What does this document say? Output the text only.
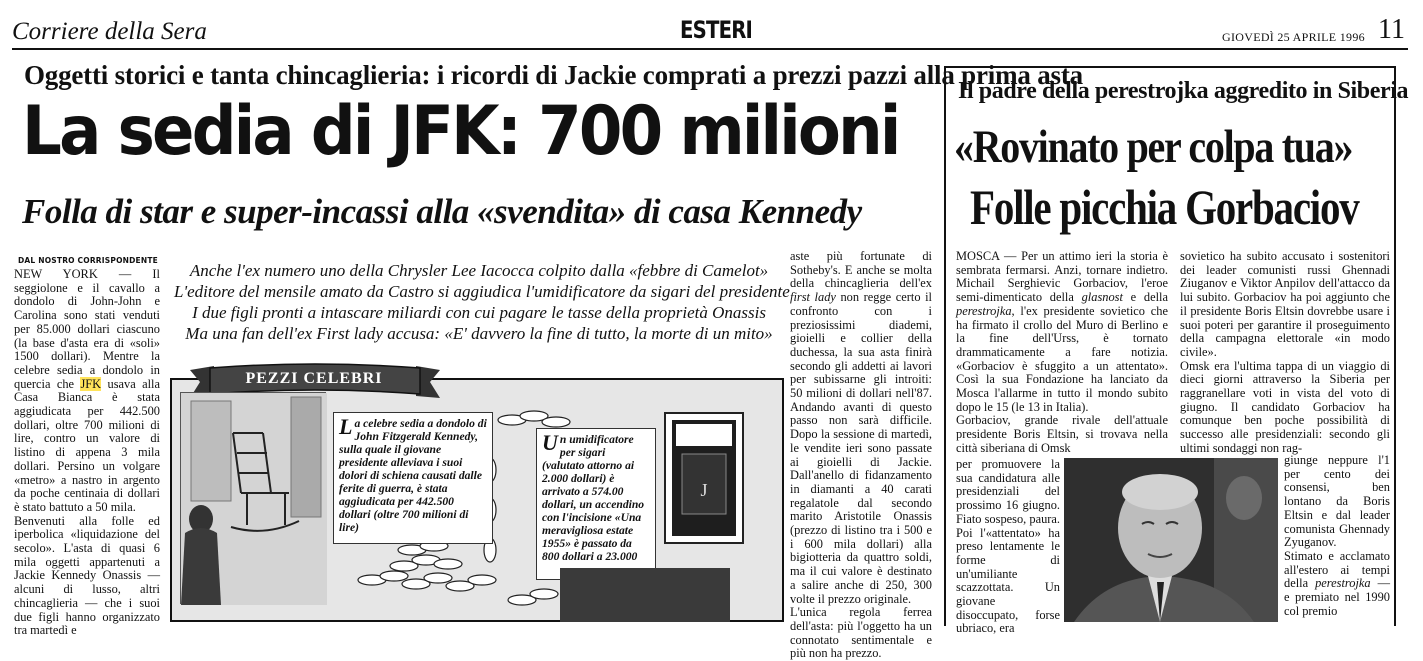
Corriere della Sera	ESTERI	GIOVEDÌ 25 APRILE 1996 11
Oggetti storici e tanta chincaglieria: i ricordi di Jackie comprati a prezzi pazzi alla prima asta
La sedia di JFK: 700 milioni
Folla di star e super-incassi alla «svendita» di casa Kennedy
DAL NOSTRO CORRISPONDENTE

NEW YORK — Il seggiolone e il cavallo a dondolo di John-John e Carolina sono stati venduti per 85.000 dollari ciascuno (la base d'asta era di «soli» 1500 dollari). Mentre la celebre sedia a dondolo in quercia che JFK usava alla Casa Bianca è stata aggiudicata per 442.500 dollari, oltre 700 milioni di lire, contro un valore di listino di appena 3 mila dollari. Persino un volgare «metro» a nastro in argento da poche centinaia di dollari è stato battuto a 50 mila.

Benvenuti alla folle ed iperbolica «liquidazione del secolo». L'asta di quasi 6 mila oggetti appartenuti a Jackie Kennedy Onassis — alcuni di lusso, altri chincaglieria — che i suoi due figli hanno organizzato tra martedì e

Anche l'ex numero uno della Chrysler Lee Iacocca colpito dalla «febbre di Camelot»
L'editore del mensile amato da Castro si aggiudica l'umidificatore da sigari del presidente
I due figli pronti a intascare miliardi con cui pagare le tasse della proprietà Onassis
Ma una fan dell'ex First lady accusa: «E' davvero la fine di tutto, la morte di un mito»

aste più fortunate di Sotheby's. E anche se molta della chincaglieria dell'ex first lady non regge certo il confronto con i preziosissimi diademi, gioielli e collier della duchessa, la sua asta finirà secondo gli addetti ai lavori per subissarne gli introiti: 50 milioni di dollari nell'87. Andando avanti di questo passo non sarà difficile. Dopo la sessione di martedì, le vendite ieri sono passate ai gioielli di Jackie. Dall'anello di fidanzamento in diamanti a 40 carati regalatole dal secondo marito Aristotile Onassis (prezzo di listino tra i 500 e i 600 mila dollari) alla bigiotteria da quattro soldi, ma il cui valore è destinato a salire anche di 250, 300 volte il prezzo originale.

L'unica regola ferrea dell'asta: più l'oggetto ha un connotato sentimentale e più non ha prezzo.

PEZZI CELEBRI
La celebre sedia a dondolo di John Fitzgerald Kennedy, sulla quale il giovane presidente alleviava i suoi dolori di schiena causati dalle ferite di guerra, è stata aggiudicata per 442.500 dollari (oltre 700 milioni di lire)
Un umidificatore per sigari (valutato attorno ai 2.000 dollari) è arrivato a 574.00 dollari, un accendino con l'incisione «Una meravigliosa estate 1955» è passato da 800 dollari a 23.000
J
Il padre della perestrojka aggredito in Siberia
«Rovinato per colpa tua»
Folle picchia Gorbaciov

MOSCA — Per un attimo ieri la storia è sembrata fermarsi. Anzi, tornare indietro. Michail Serghievic Gorbaciov, l'eroe semi-dimenticato della glasnost e della perestrojka, l'ex presidente sovietico che ha firmato il crollo del Muro di Berlino e la fine dell'Urss, è tornato drammaticamente a fare notizia. «Gorbaciov è sfuggito a un attentato». Così la sua Fondazione ha lanciato da Mosca l'allarme in tutto il mondo subito dopo le 15 (le 13 in Italia).

Gorbaciov, grande rivale dell'attuale presidente Boris Eltsin, si trovava nella città siberiana di Omsk

per promuovere la sua candidatura alle presidenziali del prossimo 16 giugno. Fiato sospeso, paura. Poi l'«attentato» ha preso lentamente le forme di un'umiliante scazzottata. Un giovane disoccupato, forse ubriaco, era

sovietico ha subito accusato i sostenitori dei leader comunisti russi Ghennadi Ziuganov e Viktor Anpilov dell'attacco da lui subito. Gorbaciov ha poi aggiunto che il presidente Boris Eltsin dovrebbe usare i suoi poteri per garantire il proseguimento della campagna elettorale «in modo civile».

Omsk era l'ultima tappa di un viaggio di dieci giorni attraverso la Siberia per raggranellare voti in vista del voto di giugno. Il candidato Gorbaciov ha comunque ben poche possibilità di successo alle presidenziali: secondo gli ultimi sondaggi non rag-

giunge neppure l'1 per cento dei consensi, ben lontano da Boris Eltsin e dal leader comunista Ghennady Zyuganov.

Stimato e acclamato all'estero ai tempi della perestrojka — e premiato nel 1990 col premio
